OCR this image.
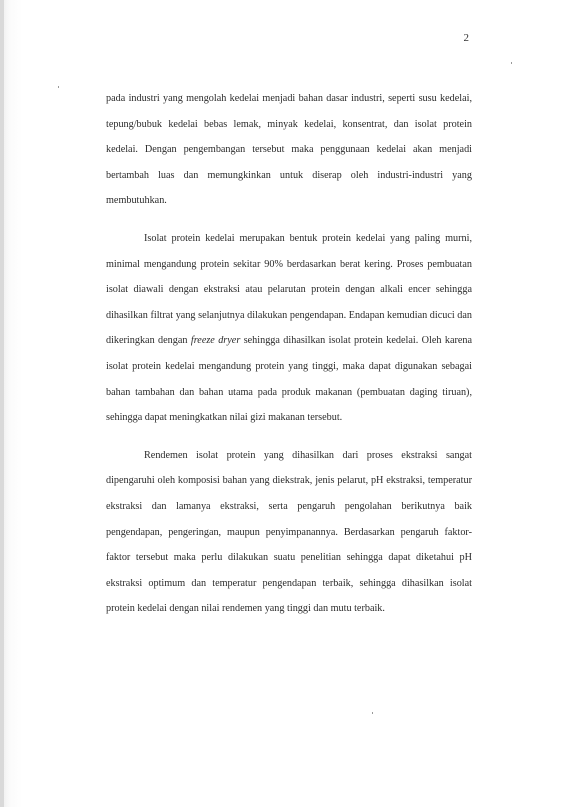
2

pada industri yang mengolah kedelai menjadi bahan dasar industri, seperti susu kedelai, tepung/bubuk kedelai bebas lemak, minyak kedelai, konsentrat, dan isolat protein kedelai. Dengan pengembangan tersebut maka penggunaan kedelai akan menjadi bertambah luas dan memungkinkan untuk diserap oleh industri-industri yang membutuhkan.

Isolat protein kedelai merupakan bentuk protein kedelai yang paling murni, minimal mengandung protein sekitar 90% berdasarkan berat kering. Proses pembuatan isolat diawali dengan ekstraksi atau pelarutan protein dengan alkali encer sehingga dihasilkan filtrat yang selanjutnya dilakukan pengendapan. Endapan kemudian dicuci dan dikeringkan dengan freeze dryer sehingga dihasilkan isolat protein kedelai. Oleh karena isolat protein kedelai mengandung protein yang tinggi, maka dapat digunakan sebagai bahan tambahan dan bahan utama pada produk makanan (pembuatan daging tiruan), sehingga dapat meningkatkan nilai gizi makanan tersebut.

Rendemen isolat protein yang dihasilkan dari proses ekstraksi sangat dipengaruhi oleh komposisi bahan yang diekstrak, jenis pelarut, pH ekstraksi, temperatur ekstraksi dan lamanya ekstraksi, serta pengaruh pengolahan berikutnya baik pengendapan, pengeringan, maupun penyimpanannya. Berdasarkan pengaruh faktor-faktor tersebut maka perlu dilakukan suatu penelitian sehingga dapat diketahui pH ekstraksi optimum dan temperatur pengendapan terbaik, sehingga dihasilkan isolat protein kedelai dengan nilai rendemen yang tinggi dan mutu terbaik.
